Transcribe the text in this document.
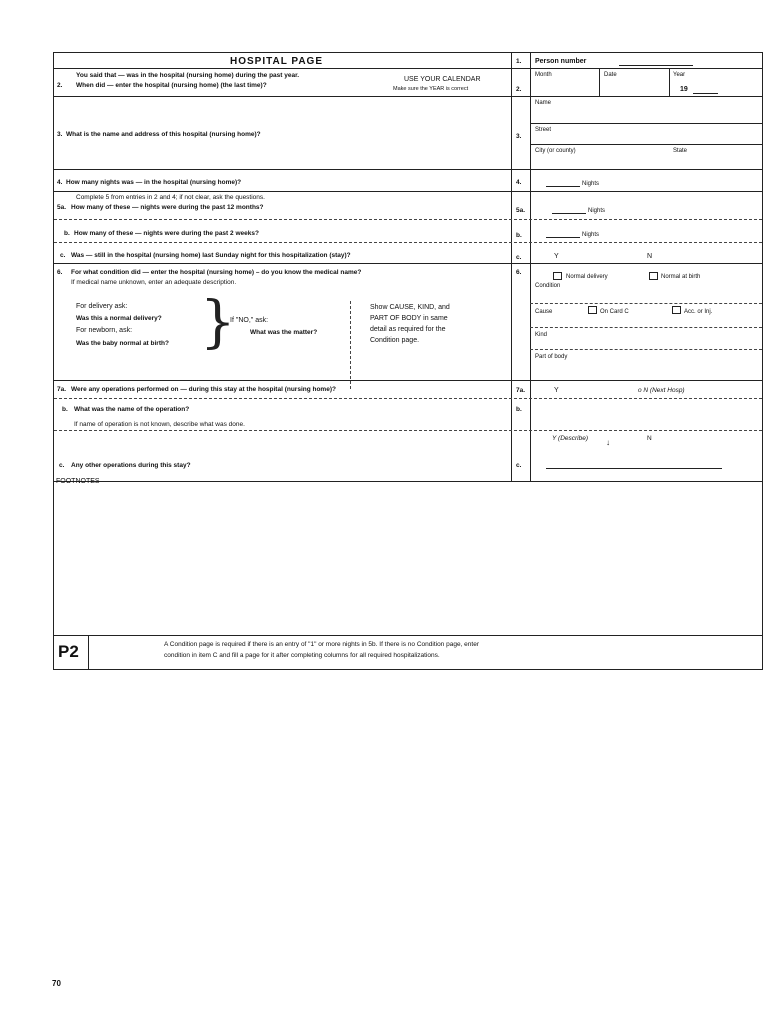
HOSPITAL PAGE	1. Person number
You said that — was in the hospital (nursing home) during the past year.
2. When did — enter the hospital (nursing home) (the last time)?
USE YOUR CALENDAR
Make sure the YEAR is correct	2.
Month	Date	Year
19
3. What is the name and address of this hospital (nursing home)?	3.
Name
Street
City (or county)	State
4. How many nights was — in the hospital (nursing home)?	4.	Nights
Complete 5 from entries in 2 and 4; if not clear, ask the questions.
5a. How many of these — nights were during the past 12 months?	5a.	Nights
b. How many of these — nights were during the past 2 weeks?	b.	Nights
c. Was — still in the hospital (nursing home) last Sunday night for this hospitalization (stay)?	c.	Y	N
6. For what condition did — enter the hospital (nursing home) – do you know the medical name?
If medical name unknown, enter an adequate description.
6.
For delivery ask:
Was this a normal delivery?
For newborn, ask:
Was the baby normal at birth? }
If "NO," ask:
What was the matter?
Show CAUSE, KIND, and
PART OF BODY in same
detail as required for the
Condition page.
Normal delivery	Normal at birth
Condition
Cause	On Card C	Acc. or Inj.
Kind
Part of body
7a. Were any operations performed on — during this stay at the hospital (nursing home)?	7a.	Y	o N (Next Hosp)
b. What was the name of the operation?	b.
If name of operation is not known, describe what was done.
Y (Describe) ↓	N
c. Any other operations during this stay?	c.
FOOTNOTES
P2	A Condition page is required if there is an entry of "1" or more nights in 5b. If there is no Condition page, enter
condition in item C and fill a page for it after completing columns for all required hospitalizations.
70
